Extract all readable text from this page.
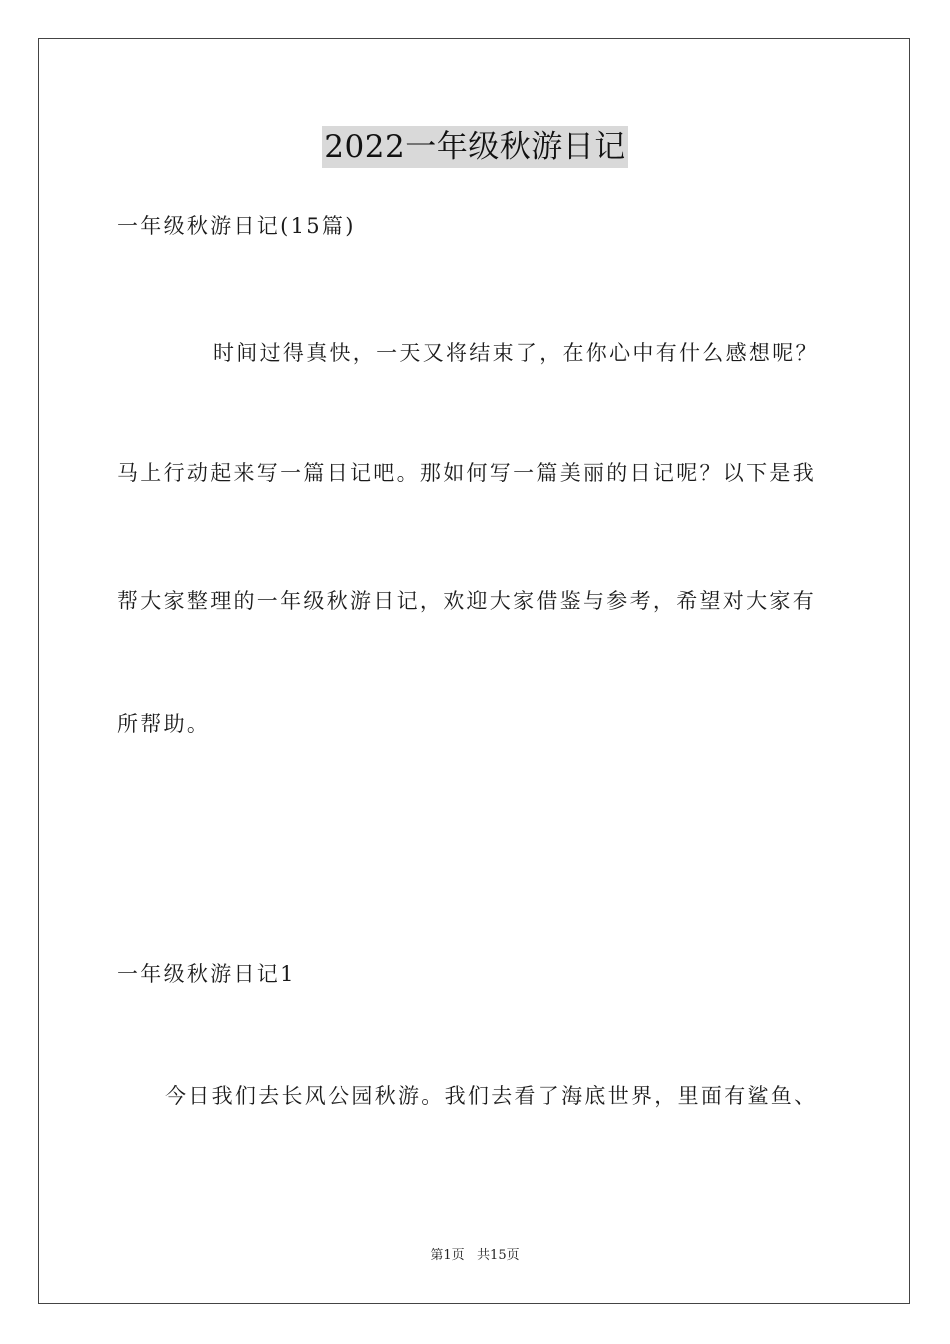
2022一年级秋游日记
一年级秋游日记(15篇)
时间过得真快，一天又将结束了，在你心中有什么感想呢？
马上行动起来写一篇日记吧。那如何写一篇美丽的日记呢？以下是我
帮大家整理的一年级秋游日记，欢迎大家借鉴与参考，希望对大家有
所帮助。
一年级秋游日记1
今日我们去长风公园秋游。我们去看了海底世界，里面有鲨鱼、
第1页   共15页
